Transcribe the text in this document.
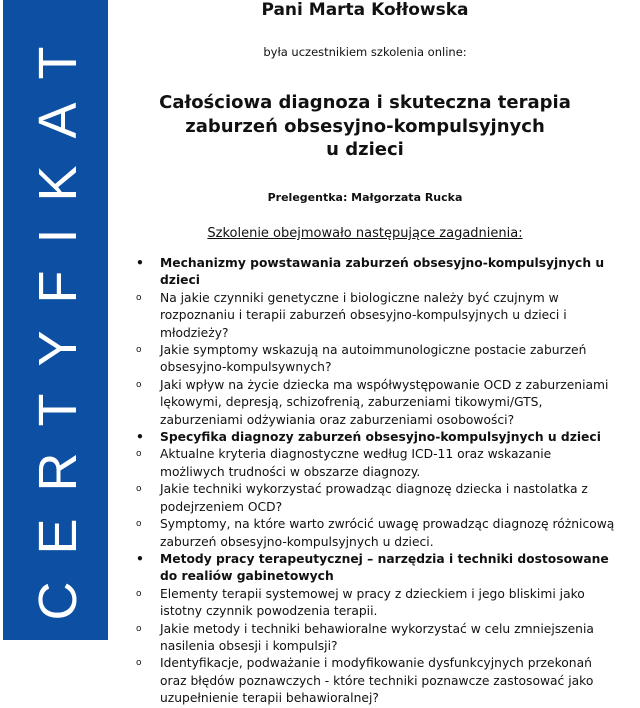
CERTYFIKAT
Pani Marta Kołłowska
była uczestnikiem szkolenia online:
Całościowa diagnoza i skuteczna terapia
zaburzeń obsesyjno-kompulsyjnych
u dzieci
Prelegentka: Małgorzata Rucka
Szkolenie obejmowało następujące zagadnienia:
• Mechanizmy powstawania zaburzeń obsesyjno-kompulsyjnych u dzieci
o Na jakie czynniki genetyczne i biologiczne należy być czujnym w rozpoznaniu i terapii zaburzeń obsesyjno-kompulsyjnych u dzieci i młodzieży?
o Jakie symptomy wskazują na autoimmunologiczne postacie zaburzeń obsesyjno-kompulsywnych?
o Jaki wpływ na życie dziecka ma współwystępowanie OCD z zaburzeniami lękowymi, depresją, schizofrenią, zaburzeniami tikowymi/GTS, zaburzeniami odżywiania oraz zaburzeniami osobowości?
• Specyfika diagnozy zaburzeń obsesyjno-kompulsyjnych u dzieci
o Aktualne kryteria diagnostyczne według ICD-11 oraz wskazanie możliwych trudności w obszarze diagnozy.
o Jakie techniki wykorzystać prowadząc diagnozę dziecka i nastolatka z podejrzeniem OCD?
o Symptomy, na które warto zwrócić uwagę prowadząc diagnozę różnicową zaburzeń obsesyjno-kompulsyjnych u dzieci.
• Metody pracy terapeutycznej – narzędzia i techniki dostosowane do realiów gabinetowych
o Elementy terapii systemowej w pracy z dzieckiem i jego bliskimi jako istotny czynnik powodzenia terapii.
o Jakie metody i techniki behawioralne wykorzystać w celu zmniejszenia nasilenia obsesji i kompulsji?
o Identyfikacje, podważanie i modyfikowanie dysfunkcyjnych przekonań oraz błędów poznawczych - które techniki poznawcze zastosować jako uzupełnienie terapii behawioralnej?
